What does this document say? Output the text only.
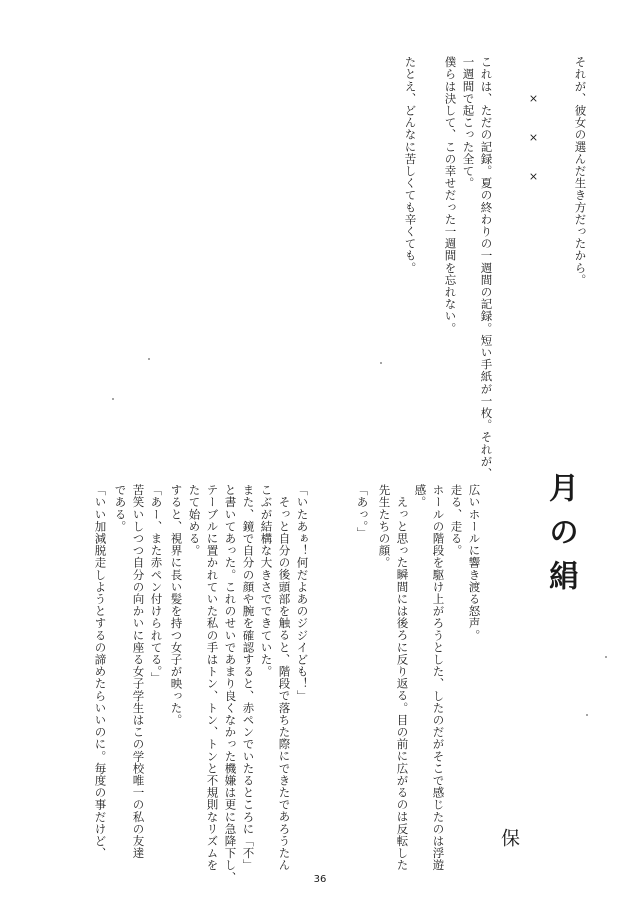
それが、彼女の選んだ生き方だったから。
×××
これは、ただの記録。夏の終わりの一週間の記録。短い手紙が一枚。それが、
一週間で起こった全て。
僕らは決して、この幸せだった一週間を忘れない。
たとえ、どんなに苦しくても辛くても。
月の絹
保
広いホールに響き渡る怒声。
走る、走る。
ホールの階段を駆け上がろうとした、したのだがそこで感じたのは浮遊
感。
えっと思った瞬間には後ろに反り返る。目の前に広がるのは反転した
先生たちの顔。
「あっ。」
「いたあぁ！何だよあのジジイども！」
そっと自分の後頭部を触ると、階段で落ちた際にできたであろうたん
こぶが結構な大きさでできていた。
また、鏡で自分の顔や腕を確認すると、赤ペンでいたるところに「不」
と書いてあった。これのせいであまり良くなかった機嫌は更に急降下し、
テーブルに置かれていた私の手はトン、トン、トンと不規則なリズムを
たて始める。
すると、視界に長い髪を持つ女子が映った。
「あー、また赤ペン付けられてる。」
苦笑いしつつ自分の向かいに座る女子学生はこの学校唯一の私の友達
である。
「いい加減脱走しようとするの諦めたらいいのに。毎度の事だけど、
36
